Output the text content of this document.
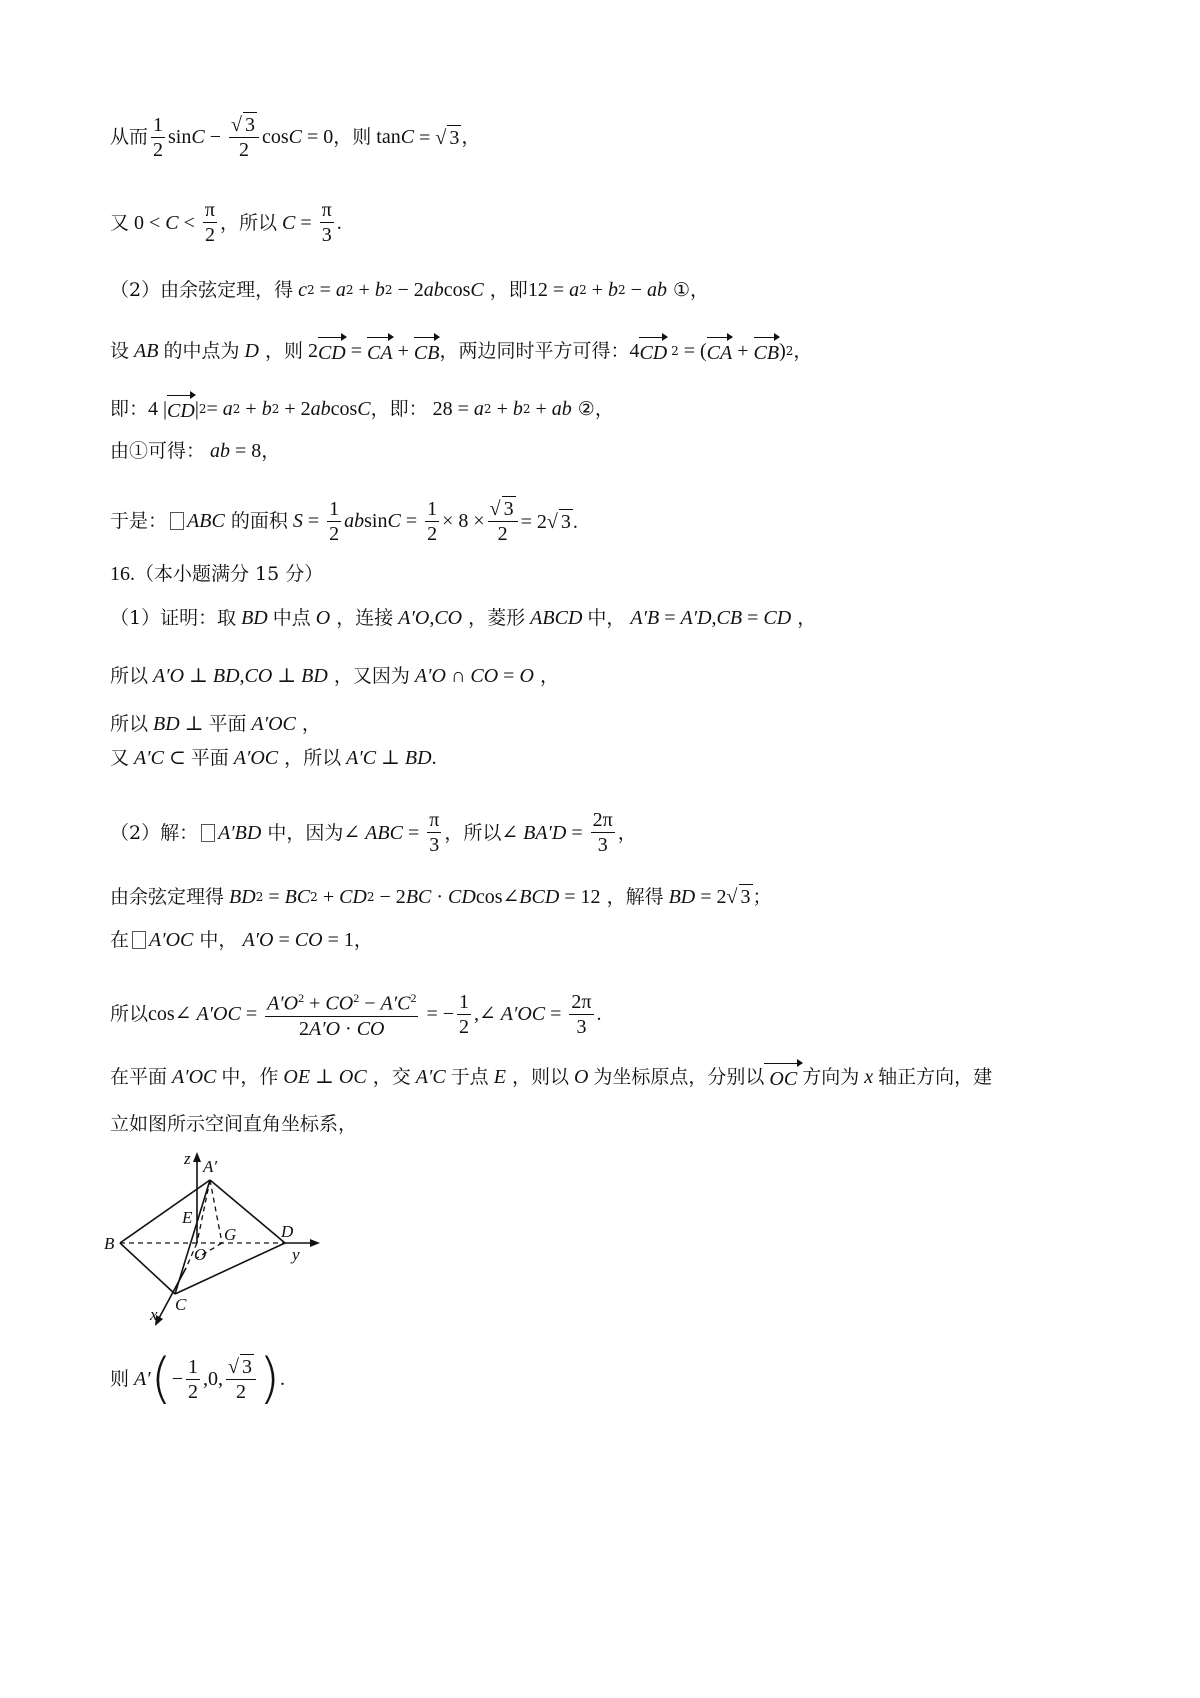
从而 $\frac{1}{2}$ $\sin C - \frac{√ 3}{2}$ cos C = 0 ，则 tan C = √ 3 ，
又 $0 < C < \frac{\pi}{2}$ ，所以 $C = \frac{\pi}{3}$ .
（2）由余弦定理，得 c 2 = a 2 + b 2 − 2 ab cos C ，即 12 = a 2 + b 2 − ab ①，
设 AB 的中点为 D ，则 2 CD = CA + CB ，两边同时平方可得： 4 CD 2 = ( CA + CB ) 2 ，
即： 4 | CD | 2 = a 2 + b 2 + 2 ab cos C ，即： 28 = a 2 + b 2 + ab ②，
由①可得： ab = 8 ，
于是： ABC 的面积 $S = \frac{1}{2}$ ab $\sin C = \frac{1}{2} \times 8 \times \frac{√ 3}{2} = 2√$ 3 .
16. （本小题满分 15 分）
（1）证明：取 BD 中点 O ，连接 A′O , CO ，菱形 ABCD 中， A′B = A′D , CB = CD ，
所以 A′O ⊥ BD , CO ⊥ BD ，又因为 A′O ∩ CO = O ，
所以 BD ⊥ 平面 A′OC ，
又 A′C ⊂ 平面 A′OC ，所以 A′C ⊥ BD .
（2）解： A′BD 中，因为 ∠ ABC = $\frac{\pi}{3}$ ，所以 ∠ $BA'D = \frac{2\pi}{3}$ ，
由余弦定理得 BD 2 = BC 2 + CD 2 − 2 BC · CD cos∠ BCD = 12 ，解得 BD = 2√ 3 ；
在 A′OC 中， A′O = CO = 1 ，
所以 cos∠ $A'OC = \frac{A'O^2 + CO^2 - A'C^2}{2A'O \cdot CO}$ = − $\frac{1}{2}$ ,∠ $A'OC = \frac{2\pi}{3}$ .
在平面 A′OC 中，作 OE ⊥ OC ，交 A′C 于点 E ，则以 O 为坐标原点，分别以 OC 方向为 x 轴正方向，建
立如图所示空间直角坐标系，
z A′
E
G
B
O
D
y
x
C
则 A′ ( − $\frac{1}{2} ,0$, $\frac{√ 3}{2}$ ) .
